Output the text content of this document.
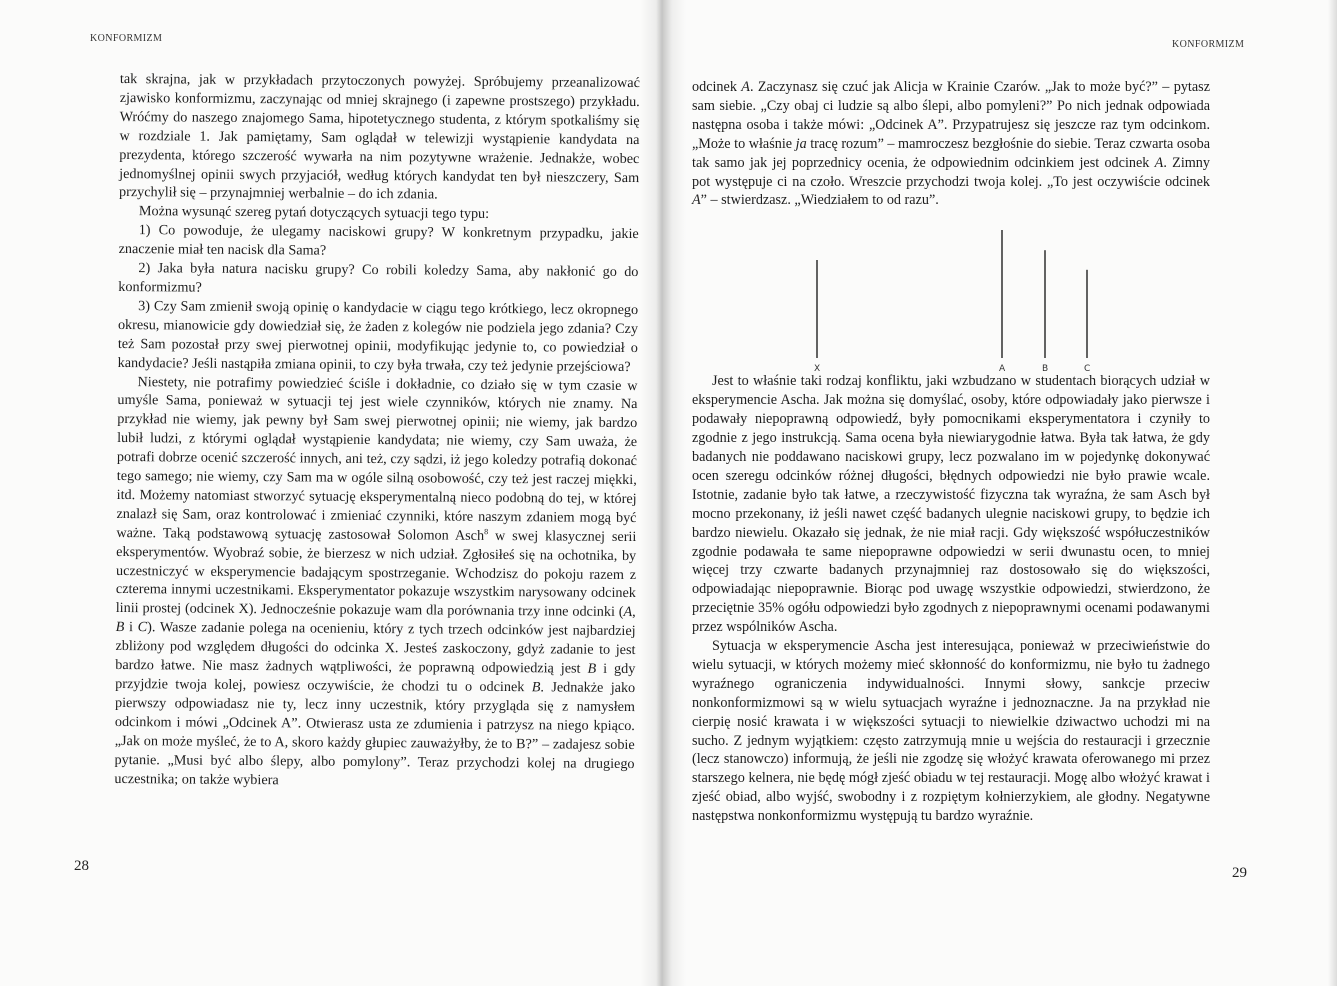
KONFORMIZM
KONFORMIZM

tak skrajna, jak w przykładach przytoczonych powyżej. Spróbujemy przeanalizować zjawisko konformizmu, zaczynając od mniej skrajnego (i zapewne prostszego) przykładu. Wróćmy do naszego znajomego Sama, hipotetycznego studenta, z którym spotkaliśmy się w rozdziale 1. Jak pamiętamy, Sam oglądał w telewizji wystąpienie kandydata na prezydenta, którego szczerość wywarła na nim pozytywne wrażenie. Jednakże, wobec jednomyślnej opinii swych przyjaciół, według których kandydat ten był nieszczery, Sam przychylił się – przynajmniej werbalnie – do ich zdania.

Można wysunąć szereg pytań dotyczących sytuacji tego typu:

1) Co powoduje, że ulegamy naciskowi grupy? W konkretnym przypadku, jakie znaczenie miał ten nacisk dla Sama?

2) Jaka była natura nacisku grupy? Co robili koledzy Sama, aby nakłonić go do konformizmu?

3) Czy Sam zmienił swoją opinię o kandydacie w ciągu tego krótkiego, lecz okropnego okresu, mianowicie gdy dowiedział się, że żaden z kolegów nie podziela jego zdania? Czy też Sam pozostał przy swej pierwotnej opinii, modyfikując jedynie to, co powiedział o kandydacie? Jeśli nastąpiła zmiana opinii, to czy była trwała, czy też jedynie przejściowa?

Niestety, nie potrafimy powiedzieć ściśle i dokładnie, co działo się w tym czasie w umyśle Sama, ponieważ w sytuacji tej jest wiele czynników, których nie znamy. Na przykład nie wiemy, jak pewny był Sam swej pierwotnej opinii; nie wiemy, jak bardzo lubił ludzi, z którymi oglądał wystąpienie kandydata; nie wiemy, czy Sam uważa, że potrafi dobrze ocenić szczerość innych, ani też, czy sądzi, iż jego koledzy potrafią dokonać tego samego; nie wiemy, czy Sam ma w ogóle silną osobowość, czy też jest raczej miękki, itd. Możemy natomiast stworzyć sytuację eksperymentalną nieco podobną do tej, w której znalazł się Sam, oraz kontrolować i zmieniać czynniki, które naszym zdaniem mogą być ważne. Taką podstawową sytuację zastosował Solomon Asch$^8$ w swej klasycznej serii eksperymentów. Wyobraź sobie, że bierzesz w nich udział. Zgłosiłeś się na ochotnika, by uczestniczyć w eksperymencie badającym spostrzeganie. Wchodzisz do pokoju razem z czterema innymi uczestnikami. Eksperymentator pokazuje wszystkim narysowany odcinek linii prostej (odcinek X). Jednocześnie pokazuje wam dla porównania trzy inne odcinki (A, B i C). Wasze zadanie polega na ocenieniu, który z tych trzech odcinków jest najbardziej zbliżony pod względem długości do odcinka X. Jesteś zaskoczony, gdyż zadanie to jest bardzo łatwe. Nie masz żadnych wątpliwości, że poprawną odpowiedzią jest B i gdy przyjdzie twoja kolej, powiesz oczywiście, że chodzi tu o odcinek B. Jednakże jako pierwszy odpowiadasz nie ty, lecz inny uczestnik, który przygląda się z namysłem odcinkom i mówi „Odcinek A”. Otwierasz usta ze zdumienia i patrzysz na niego kpiąco. „Jak on może myśleć, że to A, skoro każdy głupiec zauważyłby, że to B?” – zadajesz sobie pytanie. „Musi być albo ślepy, albo pomylony”. Teraz przychodzi kolej na drugiego uczestnika; on także wybiera

28

odcinek A. Zaczynasz się czuć jak Alicja w Krainie Czarów. „Jak to może być?” – pytasz sam siebie. „Czy obaj ci ludzie są albo ślepi, albo pomyleni?” Po nich jednak odpowiada następna osoba i także mówi: „Odcinek A”. Przypatrujesz się jeszcze raz tym odcinkom. „Może to właśnie ja tracę rozum” – mamroczesz bezgłośnie do siebie. Teraz czwarta osoba tak samo jak jej poprzednicy ocenia, że odpowiednim odcinkiem jest odcinek A. Zimny pot występuje ci na czoło. Wreszcie przychodzi twoja kolej. „To jest oczywiście odcinek A” – stwierdzasz. „Wiedziałem to od razu”.

Jest to właśnie taki rodzaj konfliktu, jaki wzbudzano w studentach biorących udział w eksperymencie Ascha. Jak można się domyślać, osoby, które odpowiadały jako pierwsze i podawały niepoprawną odpowiedź, były pomocnikami eksperymentatora i czyniły to zgodnie z jego instrukcją. Sama ocena była niewiarygodnie łatwa. Była tak łatwa, że gdy badanych nie poddawano naciskowi grupy, lecz pozwalano im w pojedynkę dokonywać ocen szeregu odcinków różnej długości, błędnych odpowiedzi nie było prawie wcale. Istotnie, zadanie było tak łatwe, a rzeczywistość fizyczna tak wyraźna, że sam Asch był mocno przekonany, iż jeśli nawet część badanych ulegnie naciskowi grupy, to będzie ich bardzo niewielu. Okazało się jednak, że nie miał racji. Gdy większość współuczestników zgodnie podawała te same niepoprawne odpowiedzi w serii dwunastu ocen, to mniej więcej trzy czwarte badanych przynajmniej raz dostosowało się do większości, odpowiadając niepoprawnie. Biorąc pod uwagę wszystkie odpowiedzi, stwierdzono, że przeciętnie 35% ogółu odpowiedzi było zgodnych z niepoprawnymi ocenami podawanymi przez wspólników Ascha.

Sytuacja w eksperymencie Ascha jest interesująca, ponieważ w przeciwieństwie do wielu sytuacji, w których możemy mieć skłonność do konformizmu, nie było tu żadnego wyraźnego ograniczenia indywidualności. Innymi słowy, sankcje przeciw nonkonformizmowi są w wielu sytuacjach wyraźne i jednoznaczne. Ja na przykład nie cierpię nosić krawata i w większości sytuacji to niewielkie dziwactwo uchodzi mi na sucho. Z jednym wyjątkiem: często zatrzymują mnie u wejścia do restauracji i grzecznie (lecz stanowczo) informują, że jeśli nie zgodzę się włożyć krawata oferowanego mi przez starszego kelnera, nie będę mógł zjeść obiadu w tej restauracji. Mogę albo włożyć krawat i zjeść obiad, albo wyjść, swobodny i z rozpiętym kołnierzykiem, ale głodny. Negatywne następstwa nonkonformizmu występują tu bardzo wyraźnie.

29
X	A	B	C
